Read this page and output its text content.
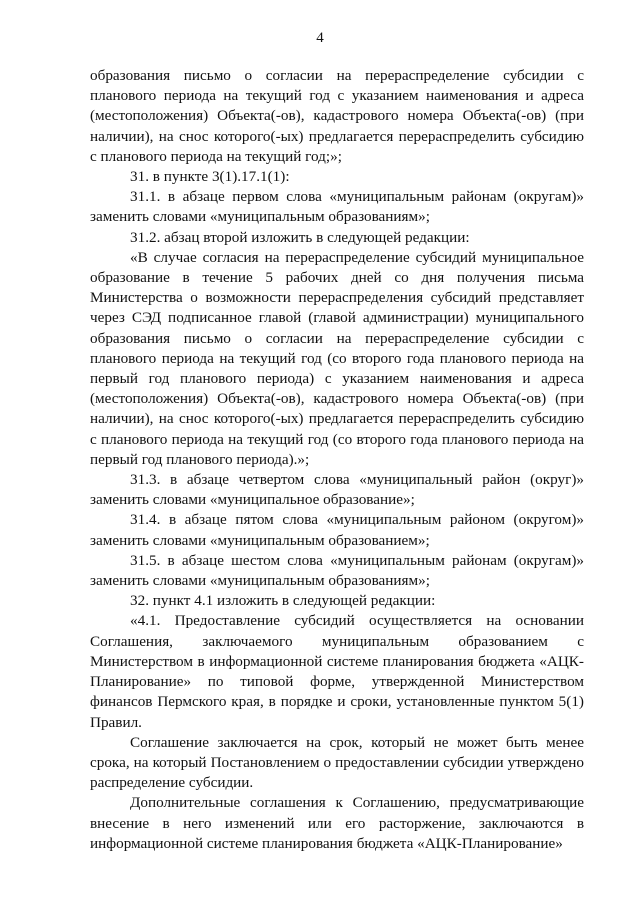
4

образования письмо о согласии на перераспределение субсидии с планового периода на текущий год с указанием наименования и адреса (местоположения) Объекта(-ов), кадастрового номера Объекта(-ов) (при наличии), на снос которого(-ых) предлагается перераспределить субсидию с планового периода на текущий год;»;

31. в пункте 3(1).17.1(1):

31.1. в абзаце первом слова «муниципальным районам (округам)» заменить словами «муниципальным образованиям»;

31.2. абзац второй изложить в следующей редакции:

«В случае согласия на перераспределение субсидий муниципальное образование в течение 5 рабочих дней со дня получения письма Министерства о возможности перераспределения субсидий представляет через СЭД подписанное главой (главой администрации) муниципального образования письмо о согласии на перераспределение субсидии с планового периода на текущий год (со второго года планового периода на первый год планового периода) с указанием наименования и адреса (местоположения) Объекта(-ов), кадастрового номера Объекта(-ов) (при наличии), на снос которого(-ых) предлагается перераспределить субсидию с планового периода на текущий год (со второго года планового периода на первый год планового периода).»;

31.3. в абзаце четвертом слова «муниципальный район (округ)» заменить словами «муниципальное образование»;

31.4. в абзаце пятом слова «муниципальным районом (округом)» заменить словами «муниципальным образованием»;

31.5. в абзаце шестом слова «муниципальным районам (округам)» заменить словами «муниципальным образованиям»;

32. пункт 4.1 изложить в следующей редакции:

«4.1. Предоставление субсидий осуществляется на основании Соглашения, заключаемого муниципальным образованием с Министерством в информационной системе планирования бюджета «АЦК-Планирование» по типовой форме, утвержденной Министерством финансов Пермского края, в порядке и сроки, установленные пунктом 5(1) Правил.

Соглашение заключается на срок, который не может быть менее срока, на который Постановлением о предоставлении субсидии утверждено распределение субсидии.

Дополнительные соглашения к Соглашению, предусматривающие внесение в него изменений или его расторжение, заключаются в информационной системе планирования бюджета «АЦК-Планирование»
